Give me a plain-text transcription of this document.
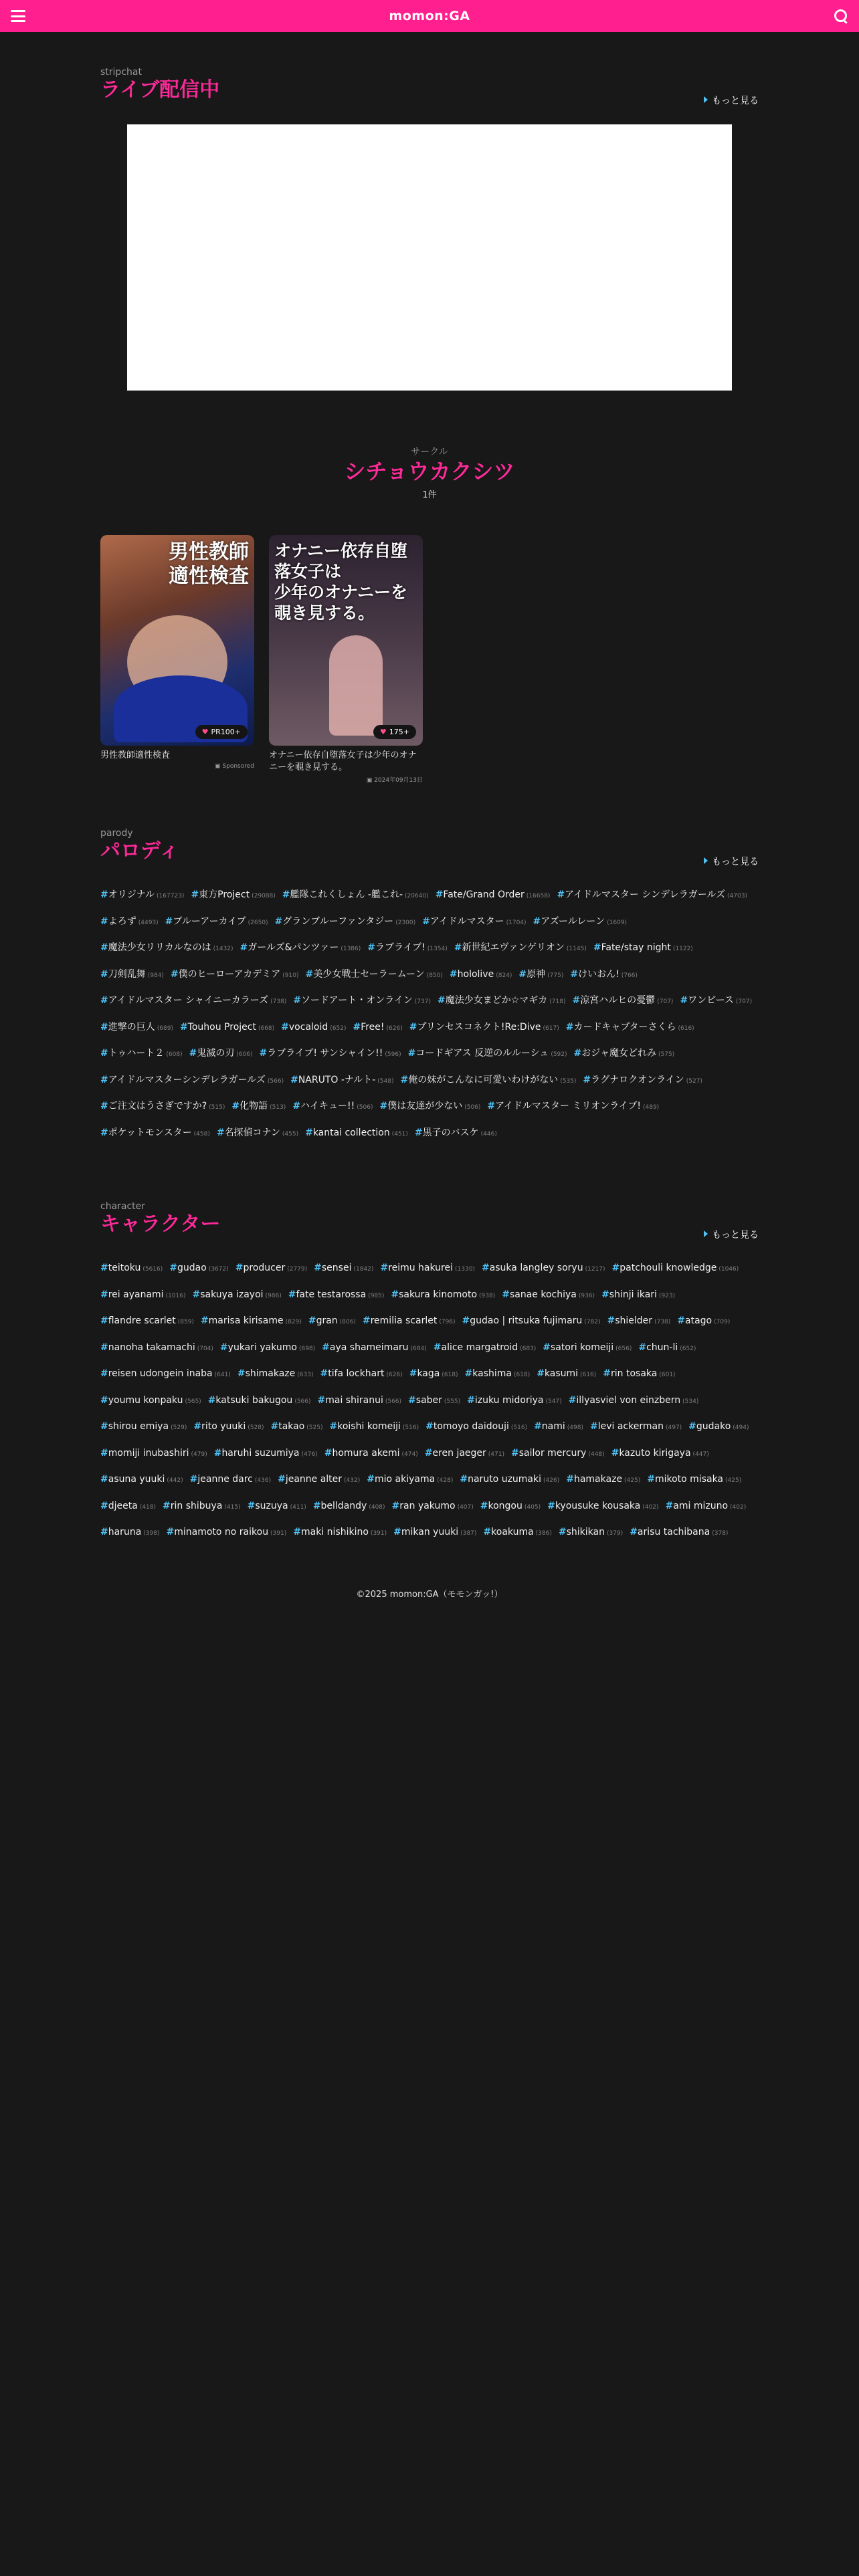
momon:GA
stripchat
ライブ配信中	もっと見る
サークル
シチョウカクシツ
1件
男性教師
適性検査
♥ PR100+
男性教師適性検査
▣ Sponsored
オナニー依存自堕落女子は
少年のオナニーを覗き見する。
♥ 175+
オナニー依存自堕落女子は少年のオナニーを覗き見する。
▣ 2024年09月13日
parody
パロディ	もっと見る
#オリジナル (167723) #東方Project (29088) #艦隊これくしょん -艦これ- (20640) #Fate/Grand Order (16658) #アイドルマスター シンデレラガールズ (4703)#よろず (4493) #ブルーアーカイブ (2650) #グランブルーファンタジー (2300) #アイドルマスター (1704) #アズールレーン (1609)#魔法少女リリカルなのは (1432) #ガールズ&パンツァー (1386) #ラブライブ! (1354) #新世紀エヴァンゲリオン (1145) #Fate/stay night (1122)#刀剣乱舞 (984) #僕のヒーローアカデミア (910) #美少女戦士セーラームーン (850) #hololive (824) #原神 (775) #けいおん! (766)#アイドルマスター シャイニーカラーズ (738) #ソードアート・オンライン (737) #魔法少女まどか☆マギカ (718) #涼宮ハルヒの憂鬱 (707) #ワンピース (707)#進撃の巨人 (689) #Touhou Project (668) #vocaloid (652) #Free! (626) #プリンセスコネクト!Re:Dive (617) #カードキャプターさくら (616)#トゥハート２ (608) #鬼滅の刃 (606) #ラブライブ! サンシャイン!! (596) #コードギアス 反逆のルルーシュ (592) #おジャ魔女どれみ (575)#アイドルマスターシンデレラガールズ (566) #NARUTO -ナルト- (548) #俺の妹がこんなに可愛いわけがない (535) #ラグナロクオンライン (527)#ご注文はうさぎですか? (515) #化物語 (513) #ハイキュー!! (506) #僕は友達が少ない (506) #アイドルマスター ミリオンライブ! (489)#ポケットモンスター (458) #名探偵コナン (455) #kantai collection (451) #黒子のバスケ (446)
character
キャラクター	もっと見る
#teitoku (5616) #gudao (3672) #producer (2779) #sensei (1842) #reimu hakurei (1330) #asuka langley soryu (1217) #patchouli knowledge (1046)#rei ayanami (1016) #sakuya izayoi (986) #fate testarossa (985) #sakura kinomoto (938) #sanae kochiya (936) #shinji ikari (923)#flandre scarlet (859) #marisa kirisame (829) #gran (806) #remilia scarlet (796) #gudao | ritsuka fujimaru (782) #shielder (738) #atago (709)#nanoha takamachi (704) #yukari yakumo (698) #aya shameimaru (684) #alice margatroid (683) #satori komeiji (656) #chun-li (652)#reisen udongein inaba (641) #shimakaze (633) #tifa lockhart (626) #kaga (618) #kashima (618) #kasumi (616) #rin tosaka (601)#youmu konpaku (565) #katsuki bakugou (566) #mai shiranui (566) #saber (555) #izuku midoriya (547) #illyasviel von einzbern (534)#shirou emiya (529) #rito yuuki (528) #takao (525) #koishi komeiji (516) #tomoyo daidouji (516) #nami (498) #levi ackerman (497) #gudako (494)#momiji inubashiri (479) #haruhi suzumiya (476) #homura akemi (474) #eren jaeger (471) #sailor mercury (448) #kazuto kirigaya (447)#asuna yuuki (442) #jeanne darc (436) #jeanne alter (432) #mio akiyama (428) #naruto uzumaki (426) #hamakaze (425) #mikoto misaka (425)#djeeta (418) #rin shibuya (415) #suzuya (411) #belldandy (408) #ran yakumo (407) #kongou (405) #kyousuke kousaka (402) #ami mizuno (402)#haruna (398) #minamoto no raikou (391) #maki nishikino (391) #mikan yuuki (387) #koakuma (386) #shikikan (379) #arisu tachibana (378)
©2025 momon:GA（モモンガッ!）
